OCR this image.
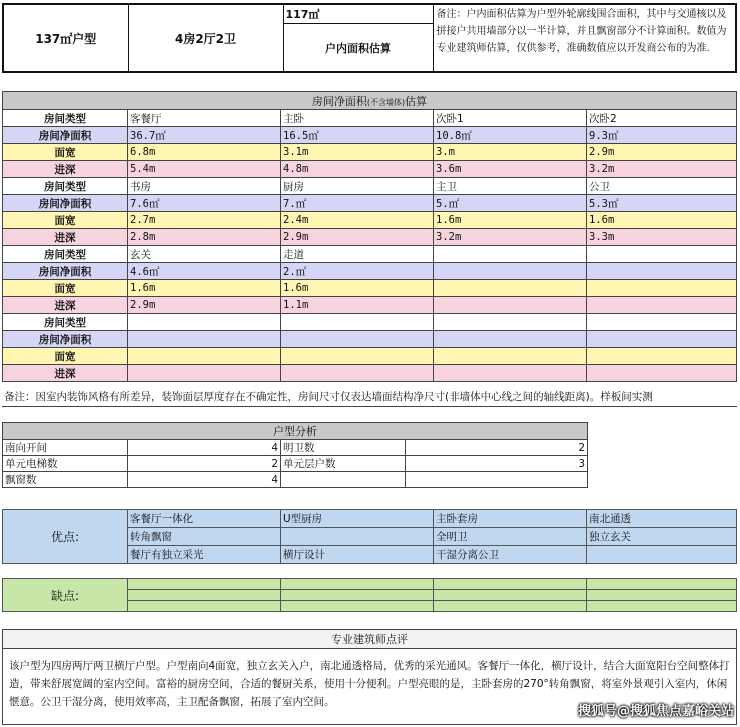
137㎡户型	4房2厅2卫	117㎡	备注：户内面积估算为户型外轮廓线围合面积，其中与交通核以及拼接户共用墙部分以一半计算，并且飘窗部分不计算面积。数值为专业建筑师估算，仅供参考，准确数值应以开发商公布的为准.
户内面积估算
房间净面积(不含墙体)估算				
房间类型	客餐厅	主卧	次卧1	次卧2
房间净面积	36.7㎡	16.5㎡	10.8㎡	9.3㎡
面宽	6.8m	3.1m	3.m	2.9m
进深	5.4m	4.8m	3.6m	3.2m
房间类型	书房	厨房	主卫	公卫
房间净面积	7.6㎡	7.㎡	5.㎡	5.3㎡
面宽	2.7m	2.4m	1.6m	1.6m
进深	2.8m	2.9m	3.2m	3.3m
房间类型	玄关	走道		
房间净面积	4.6㎡	2.㎡		
面宽	1.6m	1.6m		
进深	2.9m	1.1m		
房间类型				
房间净面积				
面宽				
进深				
备注：因室内装饰风格有所差异，装饰面层厚度存在不确定性，房间尺寸仅表达墙面结构净尺寸(非墙体中心线之间的轴线距离)。样板间实测
户型分析			
南向开间	4	明卫数	2
单元电梯数	2	单元层户数	3
飘窗数	4		
优点:	客餐厅一体化	U型厨房	主卧套房	南北通透
	转角飘窗		全明卫	独立玄关
	餐厅有独立采光	横厅设计	干湿分离公卫	
缺点:				

专业建筑师点评
该户型为四房两厅两卫横厅户型。户型南向4面宽，独立玄关入户，南北通透格局，优秀的采光通风。客餐厅一体化，横厅设计，结合大面宽阳台空间整体打造，带来舒展宽阔的室内空间。富裕的厨房空间，合适的餐厨关系，使用十分便利。户型亮眼的是，主卧套房的270°转角飘窗，将室外景观引入室内，休闲惬意。公卫干湿分离，使用效率高，主卫配备飘窗，拓展了室内空间。
搜狐号@搜狐焦点嘉峪关站
